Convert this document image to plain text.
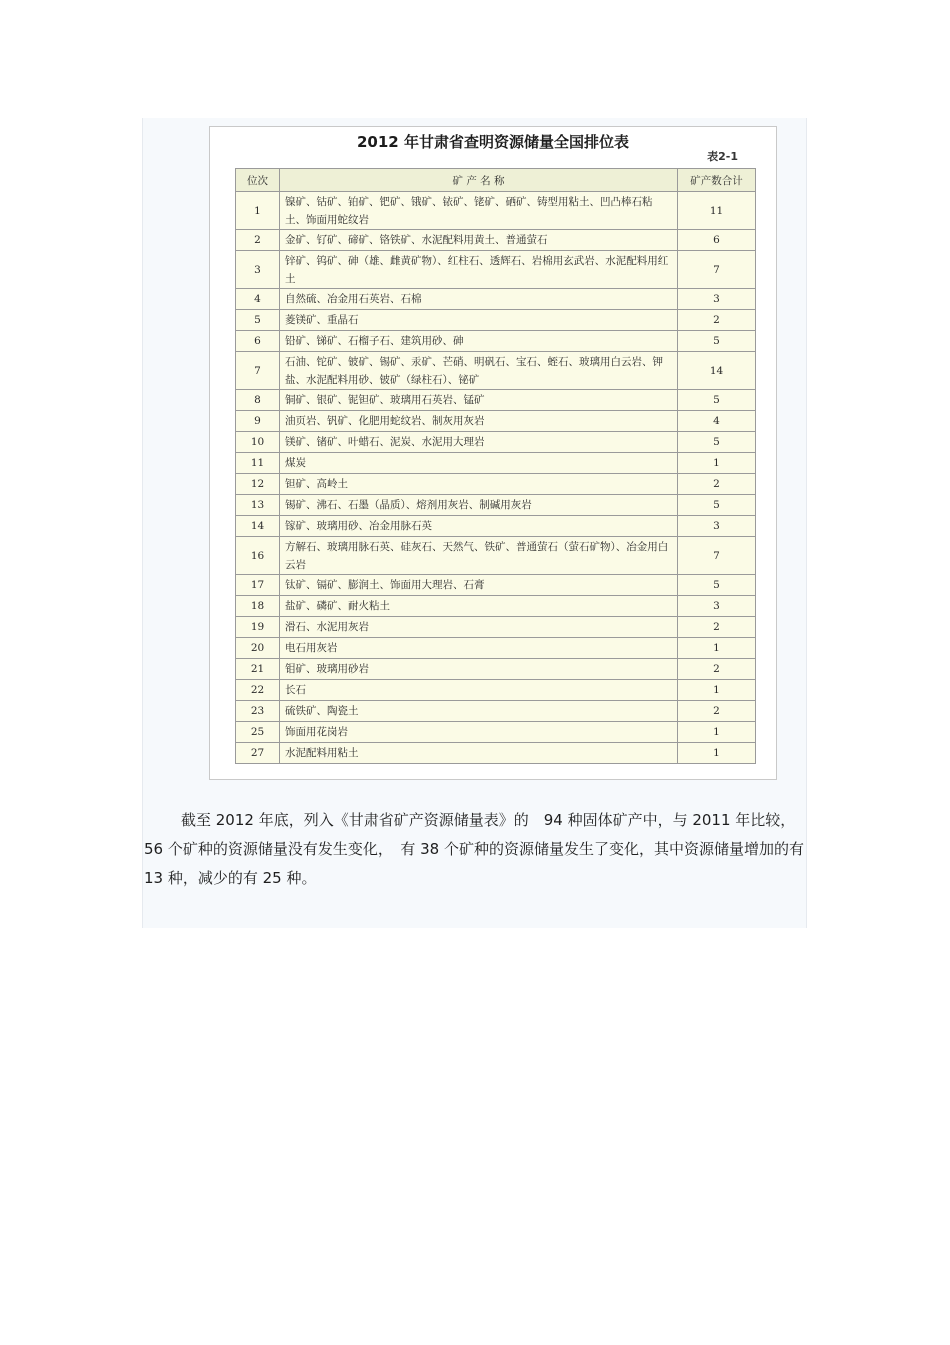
2012 年甘肃省查明资源储量全国排位表
表2-1
位次	矿 产 名 称	矿产数合计
1	镍矿、钴矿、铂矿、钯矿、锇矿、铱矿、铑矿、硒矿、铸型用粘土、凹凸棒石粘土、饰面用蛇纹岩	11
2	金矿、钌矿、碲矿、铬铁矿、水泥配料用黄土、普通萤石	6
3	锌矿、钨矿、砷（雄、雌黄矿物）、红柱石、透辉石、岩棉用玄武岩、水泥配料用红土	7
4	自然硫、冶金用石英岩、石棉	3
5	菱镁矿、重晶石	2
6	铅矿、锑矿、石榴子石、建筑用砂、砷	5
7	石油、铊矿、铍矿、锡矿、汞矿、芒硝、明矾石、宝石、蛭石、玻璃用白云岩、钾盐、水泥配料用砂、铍矿（绿柱石）、铋矿	14
8	铜矿、银矿、铌钽矿、玻璃用石英岩、锰矿	5
9	油页岩、钒矿、化肥用蛇纹岩、制灰用灰岩	4
10	镁矿、锗矿、叶蜡石、泥炭、水泥用大理岩	5
11	煤炭	1
12	钽矿、高岭土	2
13	锡矿、沸石、石墨（晶质）、熔剂用灰岩、制碱用灰岩	5
14	镓矿、玻璃用砂、冶金用脉石英	3
16	方解石、玻璃用脉石英、硅灰石、天然气、铁矿、普通萤石（萤石矿物）、冶金用白云岩	7
17	钛矿、镉矿、膨润土、饰面用大理岩、石膏	5
18	盐矿、磷矿、耐火粘土	3
19	滑石、水泥用灰岩	2
20	电石用灰岩	1
21	钼矿、玻璃用砂岩	2
22	长石	1
23	硫铁矿、陶瓷土	2
25	饰面用花岗岩	1
27	水泥配料用粘土	1

截至 2012 年底，列入《甘肃省矿产资源储量表》的　94 种固体矿产中，与 2011 年比较，56 个矿种的资源储量没有发生变化，　有 38 个矿种的资源储量发生了变化，其中资源储量增加的有　13 种，减少的有 25 种。
